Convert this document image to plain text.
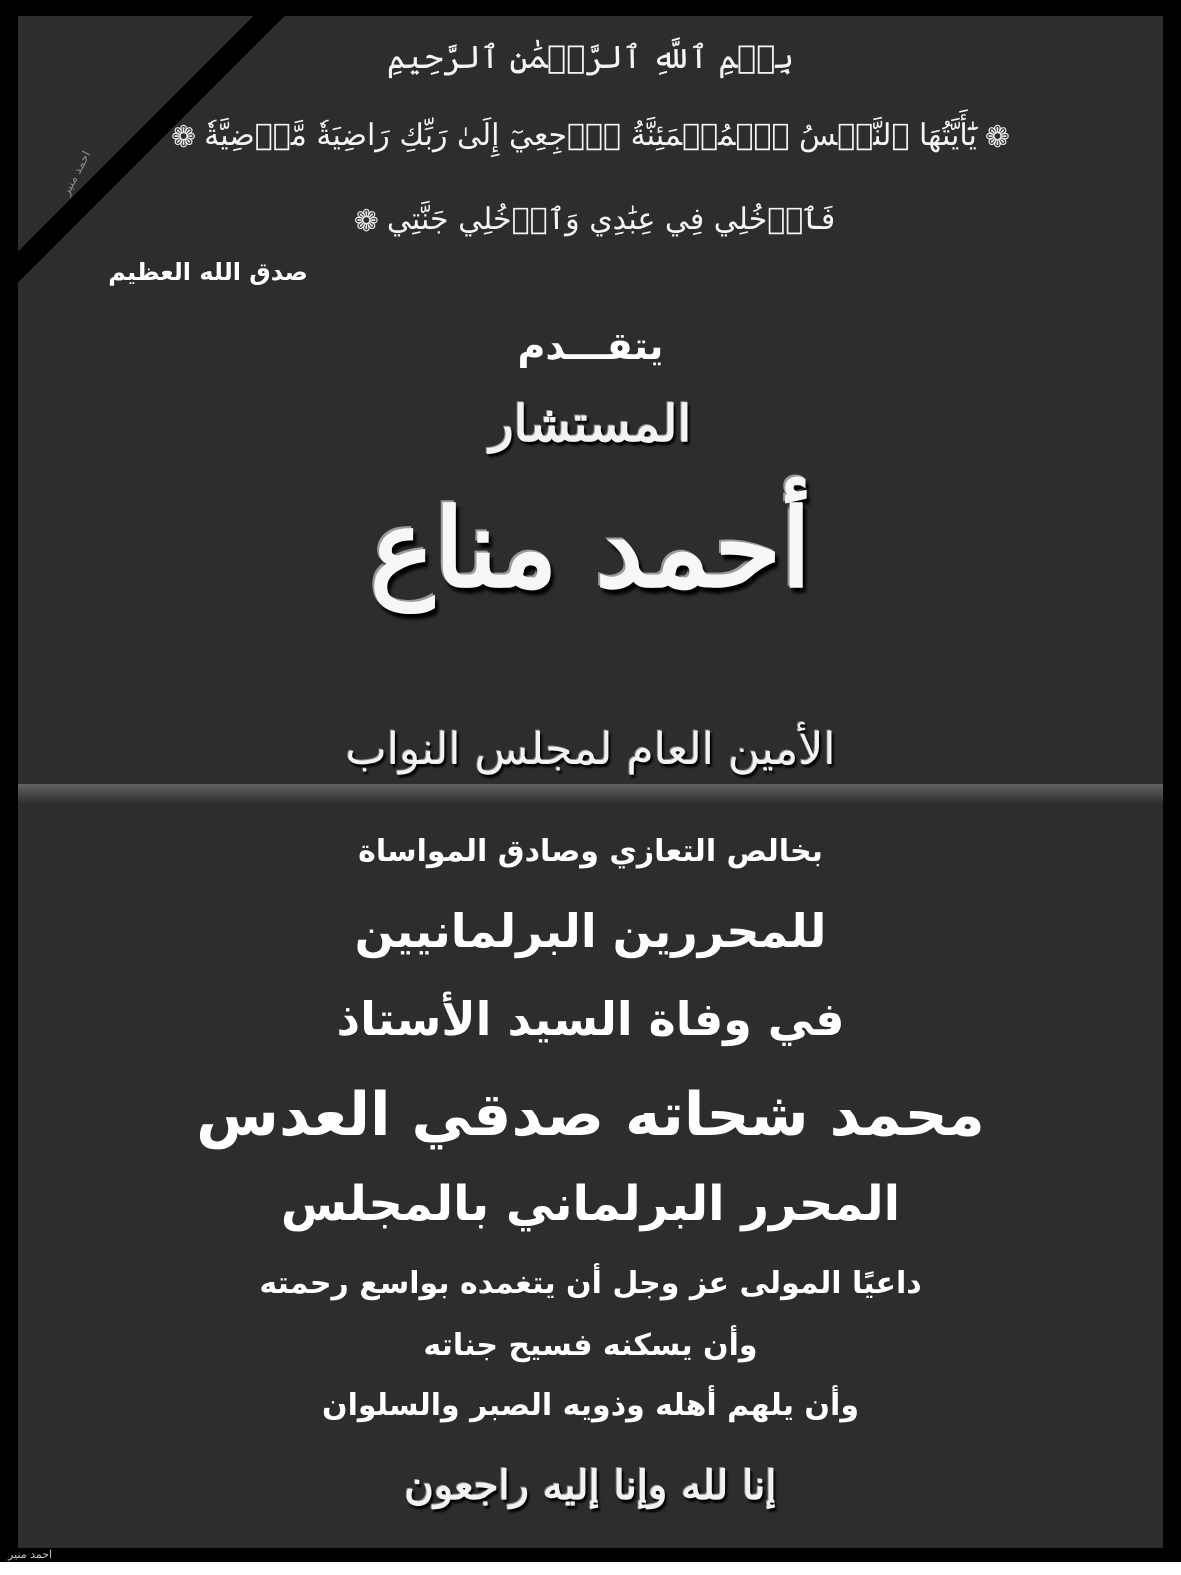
احمد منير
بِسۡمِ ٱللَّهِ ٱلرَّحۡمَٰنِ ٱلرَّحِيمِ
❁يَٰٓأَيَّتُهَا ٱلنَّفۡسُ ٱلۡمُطۡمَئِنَّةُ ٱرۡجِعِيٓ إِلَىٰ رَبِّكِ رَاضِيَةٗ مَّرۡضِيَّةٗ❁
فَٱدۡخُلِي فِي عِبَٰدِي وَٱدۡخُلِي جَنَّتِي❁
صدق الله العظيم
يتقـــدم
المستشار
أحمد مناع
الأمين العام لمجلس النواب
بخالص التعازي وصادق المواساة
للمحررين البرلمانيين
في وفاة السيد الأستاذ
محمد شحاته صدقي العدس
المحرر البرلماني بالمجلس
داعيًا المولى عز وجل أن يتغمده بواسع رحمته
وأن يسكنه فسيح جناته
وأن يلهم أهله وذويه الصبر والسلوان
إنا لله وإنا إليه راجعون
احمد منير
